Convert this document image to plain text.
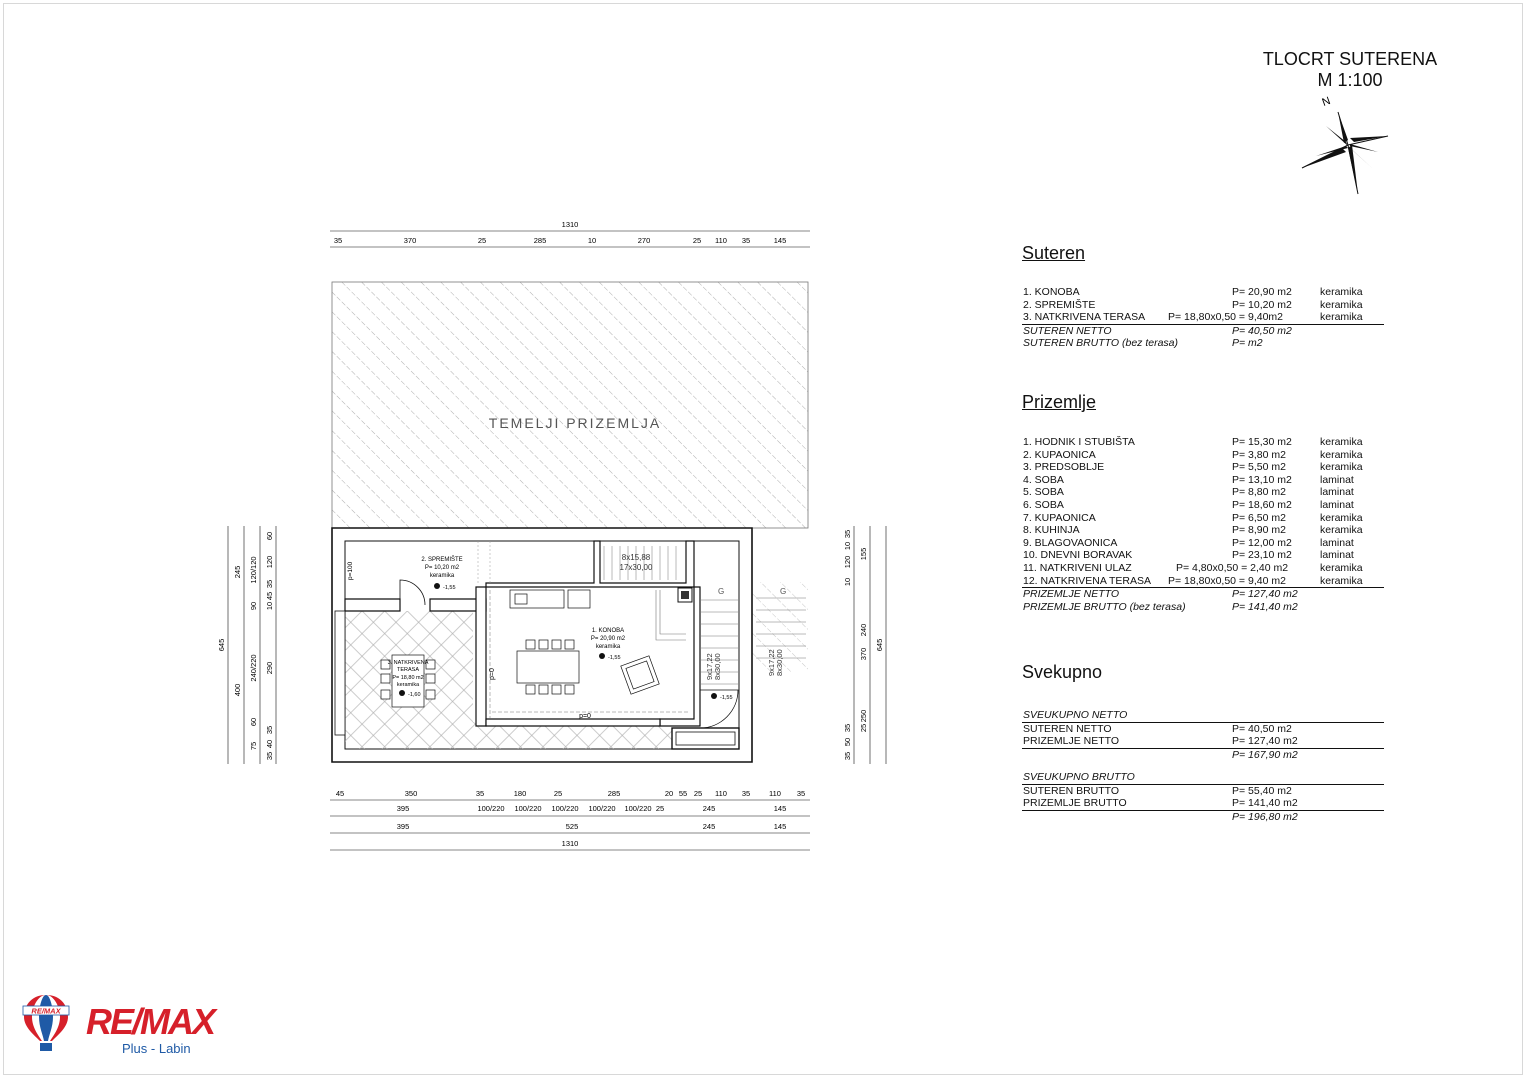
TLOCRT SUTERENA
M 1:100
N
TEMELJI PRIZEMLJA
3. NATKRIVENA
TERASA
P= 18,80 m2
keramika
-1,60
2. SPREMIŠTE
P= 10,20 m2
keramika
-1,55
p=100
1. KONOBA
P= 20,90 m2
keramika
-1,55
p=0
p=0
8x15,88
17x30,00
9x17,22 8x30,00
-1,55
9x17,22 8x30,00
G	G
1310
35	370	25	285	10	270	25 110 35	145
45	350	35	180	25	285	20 55 25 110 35	110 35
395	100/220 100/220 100/220 100/220 100/220 25	245	145
395	525	245	145
1310
645
245
400
120/120
90
240/220
60
75
60
120
35
45
10
290
35
40
35
35
10
120
10
35
50
35
155
370
25
250
240
645
Suteren
1. KONOBA	P= 20,90 m2	keramika
2. SPREMIŠTE	P= 10,20 m2	keramika
3. NATKRIVENA TERASA P= 18,80x0,50 = 9,40m2	keramika
SUTEREN NETTO	P= 40,50 m2
SUTEREN BRUTTO (bez terasa)	P= m2
Prizemlje
1. HODNIK I STUBIŠTA	P= 15,30 m2	keramika
2. KUPAONICA	P= 3,80 m2	keramika
3. PREDSOBLJE	P= 5,50 m2	keramika
4. SOBA	P= 13,10 m2	laminat
5. SOBA	P= 8,80 m2	laminat
6. SOBA	P= 18,60 m2	laminat
7. KUPAONICA	P= 6,50 m2	keramika
8. KUHINJA	P= 8,90 m2	keramika
9. BLAGOVAONICA	P= 12,00 m2	laminat
10. DNEVNI BORAVAK	P= 23,10 m2	laminat
11. NATKRIVENI ULAZ	P= 4,80x0,50 = 2,40 m2	keramika
12. NATKRIVENA TERASA P= 18,80x0,50 = 9,40 m2	keramika
PRIZEMLJE NETTO	P= 127,40 m2
PRIZEMLJE BRUTTO (bez terasa)	P= 141,40 m2
Svekupno
SVEUKUPNO NETTO
SUTEREN NETTO	P= 40,50 m2
PRIZEMLJE NETTO	P= 127,40 m2
P= 167,90 m2
SVEUKUPNO BRUTTO
SUTEREN BRUTTO	P= 55,40 m2
PRIZEMLJE BRUTTO	P= 141,40 m2
P= 196,80 m2
RE/MAX RE/MAX
Plus - Labin
